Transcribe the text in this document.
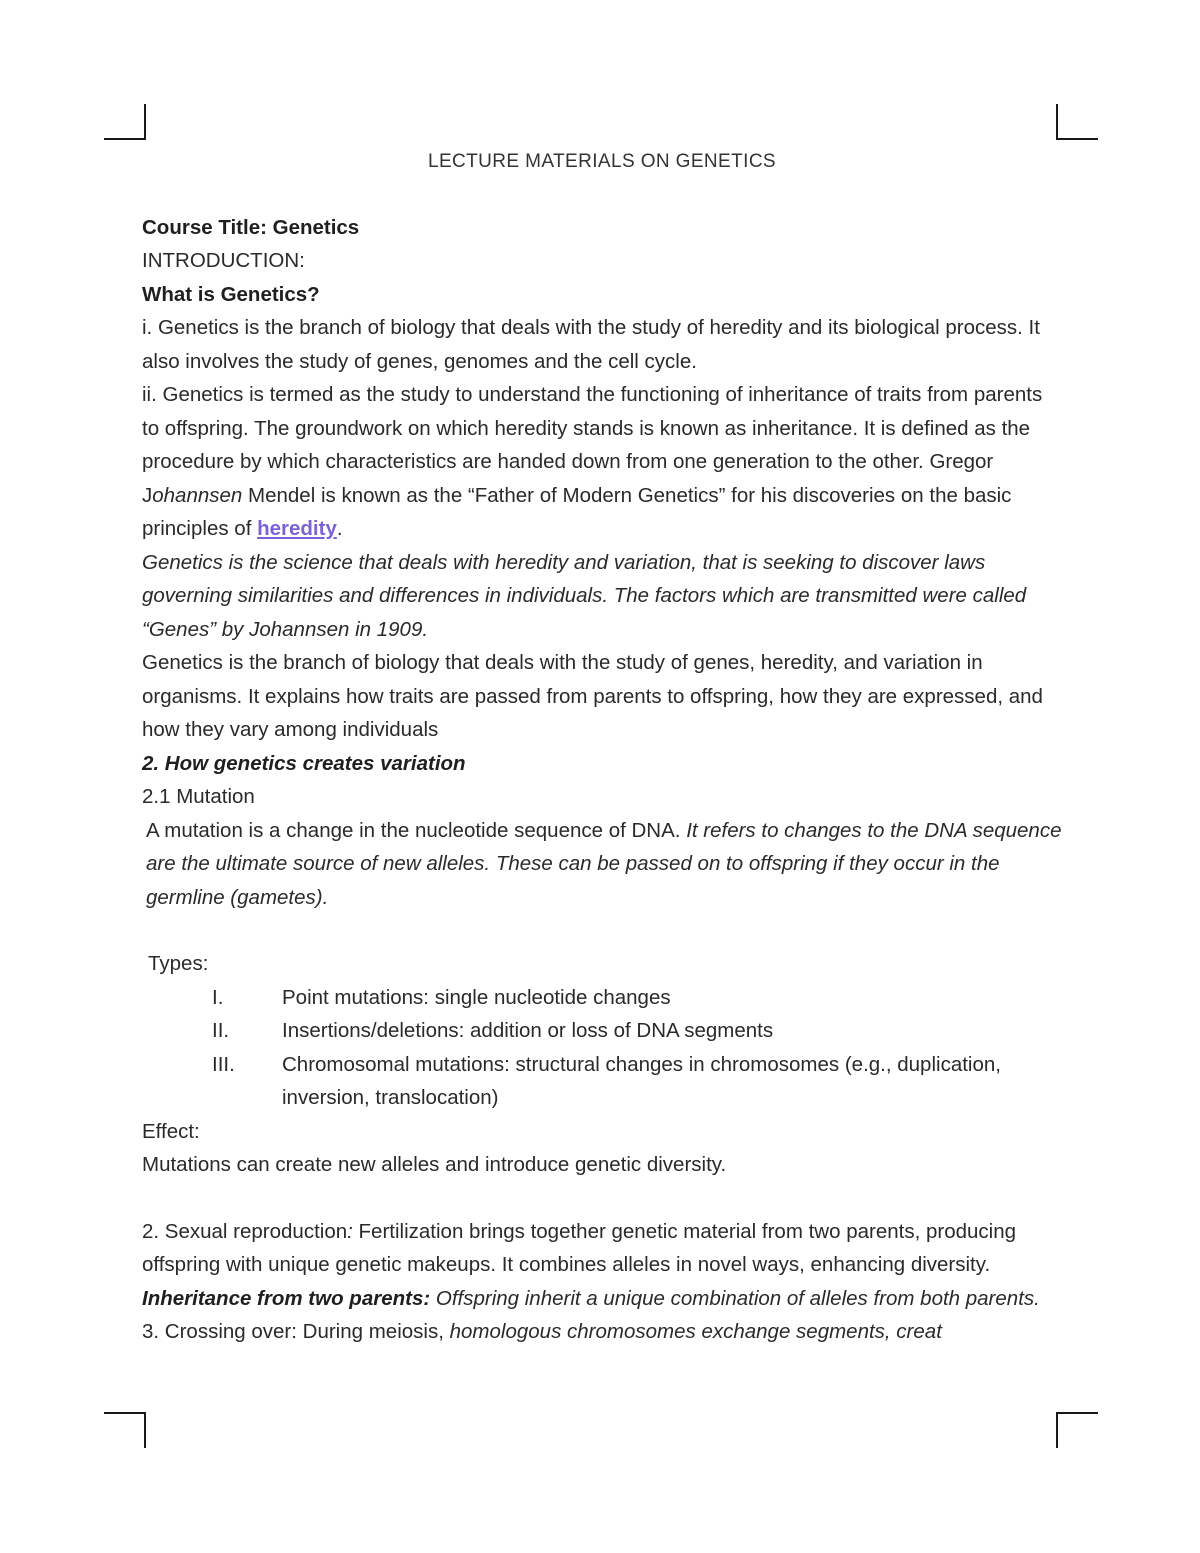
LECTURE MATERIALS ON GENETICS

Course Title: Genetics

INTRODUCTION:

What is Genetics?

i. Genetics is the branch of biology that deals with the study of heredity and its biological process. It also involves the study of genes, genomes and the cell cycle.

ii. Genetics is termed as the study to understand the functioning of inheritance of traits from parents to offspring. The groundwork on which heredity stands is known as inheritance. It is defined as the procedure by which characteristics are handed down from one generation to the other. Gregor Johannsen Mendel is known as the “Father of Modern Genetics” for his discoveries on the basic principles of heredity.

Genetics is the science that deals with heredity and variation, that is seeking to discover laws governing similarities and differences in individuals. The factors which are transmitted were called “Genes” by Johannsen in 1909.

Genetics is the branch of biology that deals with the study of genes, heredity, and variation in organisms. It explains how traits are passed from parents to offspring, how they are expressed, and how they vary among individuals

2. How genetics creates variation

2.1 Mutation

A mutation is a change in the nucleotide sequence of DNA. It refers to changes to the DNA sequence are the ultimate source of new alleles. These can be passed on to offspring if they occur in the germline (gametes).

Types:

I.	Point mutations: single nucleotide changes
II.	Insertions/deletions: addition or loss of DNA segments
III.	Chromosomal mutations: structural changes in chromosomes (e.g., duplication, inversion, translocation)

Effect:

Mutations can create new alleles and introduce genetic diversity.

2. Sexual reproduction: Fertilization brings together genetic material from two parents, producing offspring with unique genetic makeups. It combines alleles in novel ways, enhancing diversity.

Inheritance from two parents: Offspring inherit a unique combination of alleles from both parents.

3. Crossing over: During meiosis, homologous chromosomes exchange segments, creat
